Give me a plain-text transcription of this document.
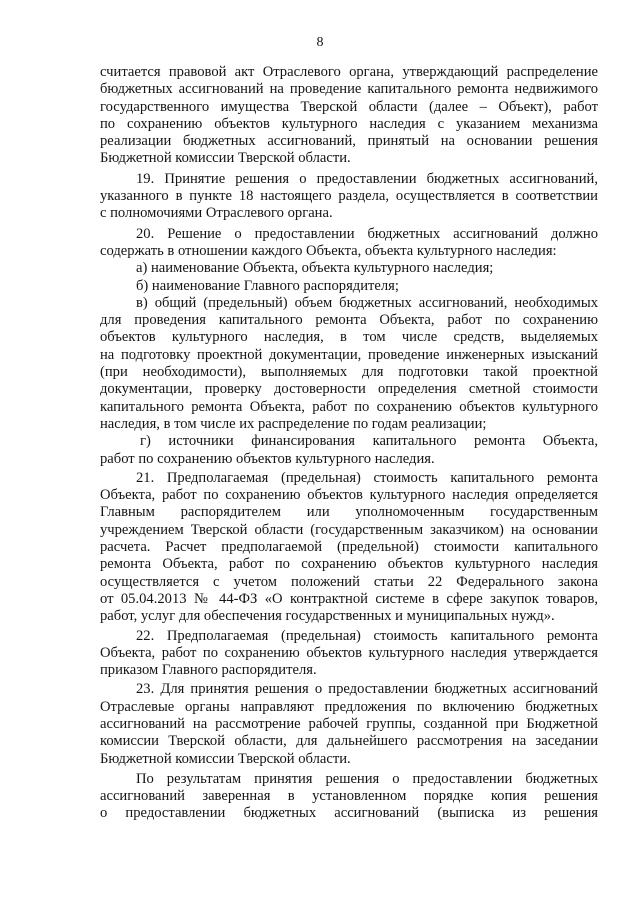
8
считается правовой акт Отраслевого органа, утверждающий распределение
бюджетных ассигнований на проведение капитального ремонта недвижимого
государственного имущества Тверской области (далее – Объект), работ
по сохранению объектов культурного наследия с указанием механизма
реализации бюджетных ассигнований, принятый на основании решения
Бюджетной комиссии Тверской области.
19. Принятие решения о предоставлении бюджетных ассигнований,
указанного в пункте 18 настоящего раздела, осуществляется в соответствии
с полномочиями Отраслевого органа.
20. Решение о предоставлении бюджетных ассигнований должно
содержать в отношении каждого Объекта, объекта культурного наследия:
а) наименование Объекта, объекта культурного наследия;
б) наименование Главного распорядителя;
в) общий (предельный) объем бюджетных ассигнований, необходимых
для проведения капитального ремонта Объекта, работ по сохранению
объектов культурного наследия, в том числе средств, выделяемых
на подготовку проектной документации, проведение инженерных изысканий
(при необходимости), выполняемых для подготовки такой проектной
документации, проверку достоверности определения сметной стоимости
капитального ремонта Объекта, работ по сохранению объектов культурного
наследия, в том числе их распределение по годам реализации;
г) источники финансирования капитального ремонта Объекта,
работ по сохранению объектов культурного наследия.
21. Предполагаемая (предельная) стоимость капитального ремонта
Объекта, работ по сохранению объектов культурного наследия определяется
Главным распорядителем или уполномоченным государственным
учреждением Тверской области (государственным заказчиком) на основании
расчета. Расчет предполагаемой (предельной) стоимости капитального
ремонта Объекта, работ по сохранению объектов культурного наследия
осуществляется с учетом положений статьи 22 Федерального закона
от 05.04.2013 № 44-ФЗ «О контрактной системе в сфере закупок товаров,
работ, услуг для обеспечения государственных и муниципальных нужд».
22. Предполагаемая (предельная) стоимость капитального ремонта
Объекта, работ по сохранению объектов культурного наследия утверждается
приказом Главного распорядителя.
23. Для принятия решения о предоставлении бюджетных ассигнований
Отраслевые органы направляют предложения по включению бюджетных
ассигнований на рассмотрение рабочей группы, созданной при Бюджетной
комиссии Тверской области, для дальнейшего рассмотрения на заседании
Бюджетной комиссии Тверской области.
По результатам принятия решения о предоставлении бюджетных
ассигнований заверенная в установленном порядке копия решения
о предоставлении бюджетных ассигнований (выписка из решения
